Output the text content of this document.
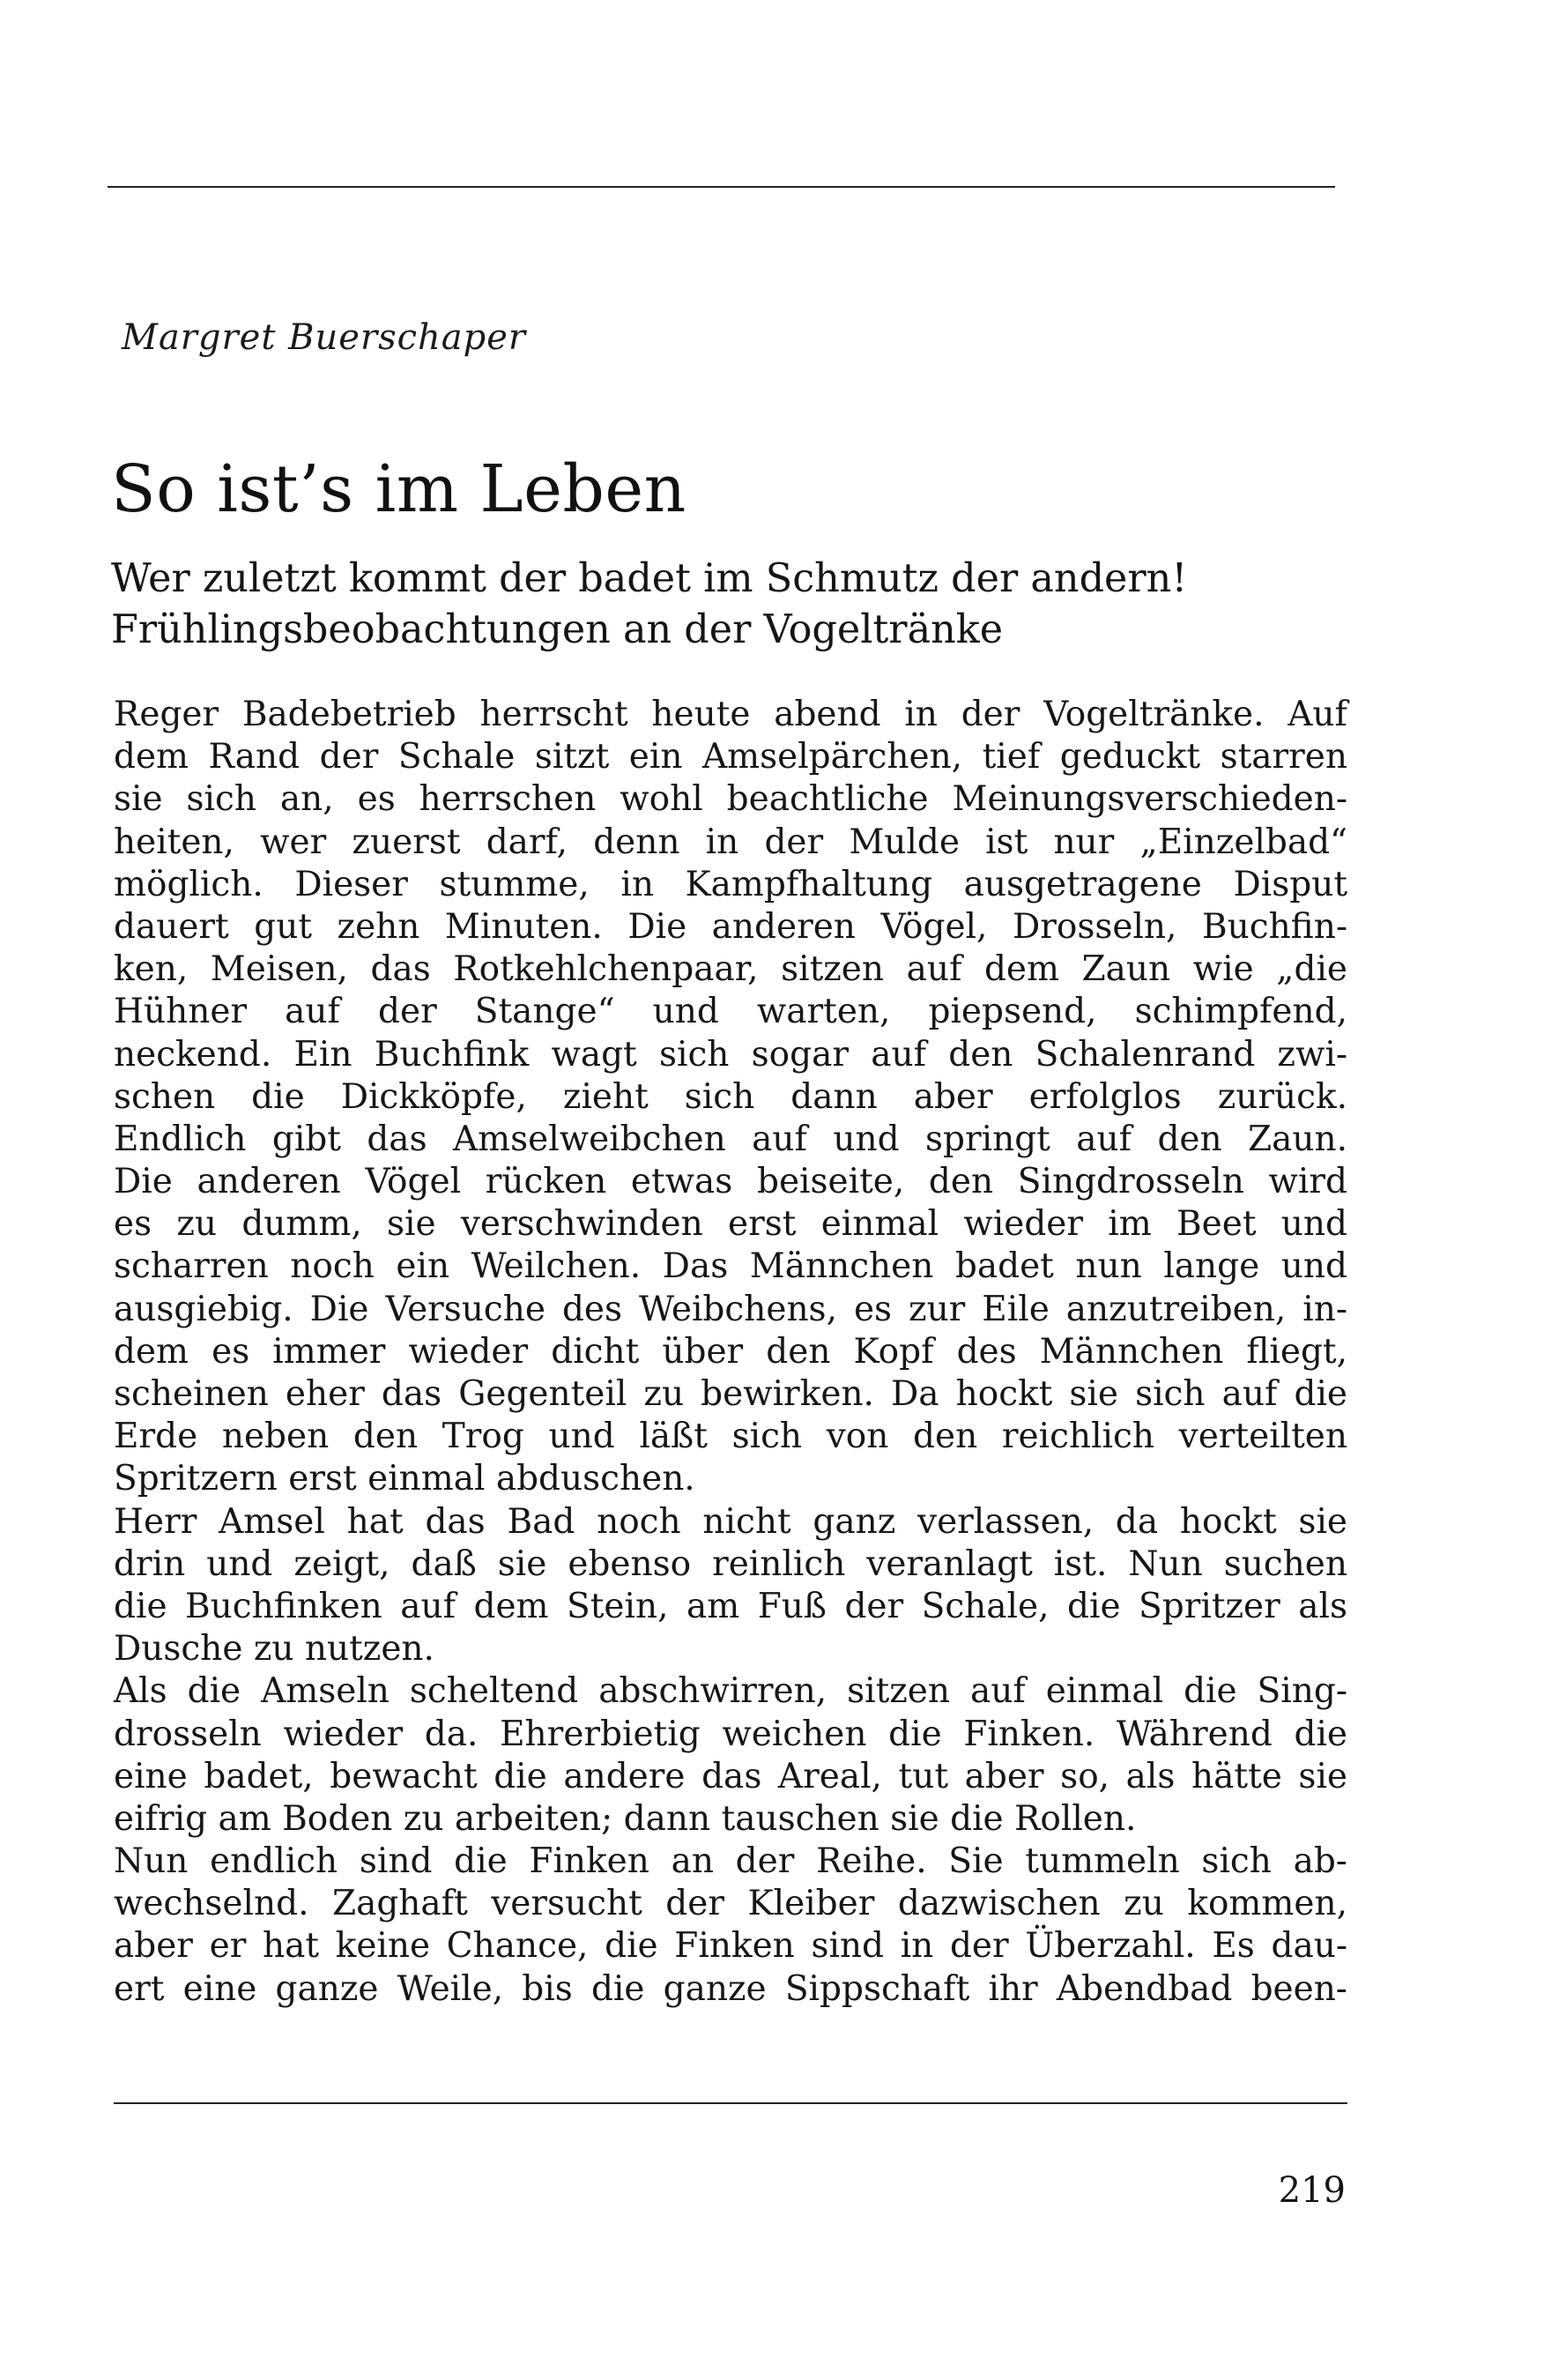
Margret Buerschaper
So ist’s im Leben
Wer zuletzt kommt der badet im Schmutz der andern!
Frühlingsbeobachtungen an der Vogeltränke
Reger Badebetrieb herrscht heute abend in der Vogeltränke. Auf
dem Rand der Schale sitzt ein Amselpärchen, tief geduckt starren
sie sich an, es herrschen wohl beachtliche Meinungsverschieden-
heiten, wer zuerst darf, denn in der Mulde ist nur „Einzelbad“
möglich. Dieser stumme, in Kampfhaltung ausgetragene Disput
dauert gut zehn Minuten. Die anderen Vögel, Drosseln, Buchfin-
ken, Meisen, das Rotkehlchenpaar, sitzen auf dem Zaun wie „die
Hühner auf der Stange“ und warten, piepsend, schimpfend,
neckend. Ein Buchfink wagt sich sogar auf den Schalenrand zwi-
schen die Dickköpfe, zieht sich dann aber erfolglos zurück.
Endlich gibt das Amselweibchen auf und springt auf den Zaun.
Die anderen Vögel rücken etwas beiseite, den Singdrosseln wird
es zu dumm, sie verschwinden erst einmal wieder im Beet und
scharren noch ein Weilchen. Das Männchen badet nun lange und
ausgiebig. Die Versuche des Weibchens, es zur Eile anzutreiben, in-
dem es immer wieder dicht über den Kopf des Männchen fliegt,
scheinen eher das Gegenteil zu bewirken. Da hockt sie sich auf die
Erde neben den Trog und läßt sich von den reichlich verteilten
Spritzern erst einmal abduschen.
Herr Amsel hat das Bad noch nicht ganz verlassen, da hockt sie
drin und zeigt, daß sie ebenso reinlich veranlagt ist. Nun suchen
die Buchfinken auf dem Stein, am Fuß der Schale, die Spritzer als
Dusche zu nutzen.
Als die Amseln scheltend abschwirren, sitzen auf einmal die Sing-
drosseln wieder da. Ehrerbietig weichen die Finken. Während die
eine badet, bewacht die andere das Areal, tut aber so, als hätte sie
eifrig am Boden zu arbeiten; dann tauschen sie die Rollen.
Nun endlich sind die Finken an der Reihe. Sie tummeln sich ab-
wechselnd. Zaghaft versucht der Kleiber dazwischen zu kommen,
aber er hat keine Chance, die Finken sind in der Überzahl. Es dau-
ert eine ganze Weile, bis die ganze Sippschaft ihr Abendbad been-
219
